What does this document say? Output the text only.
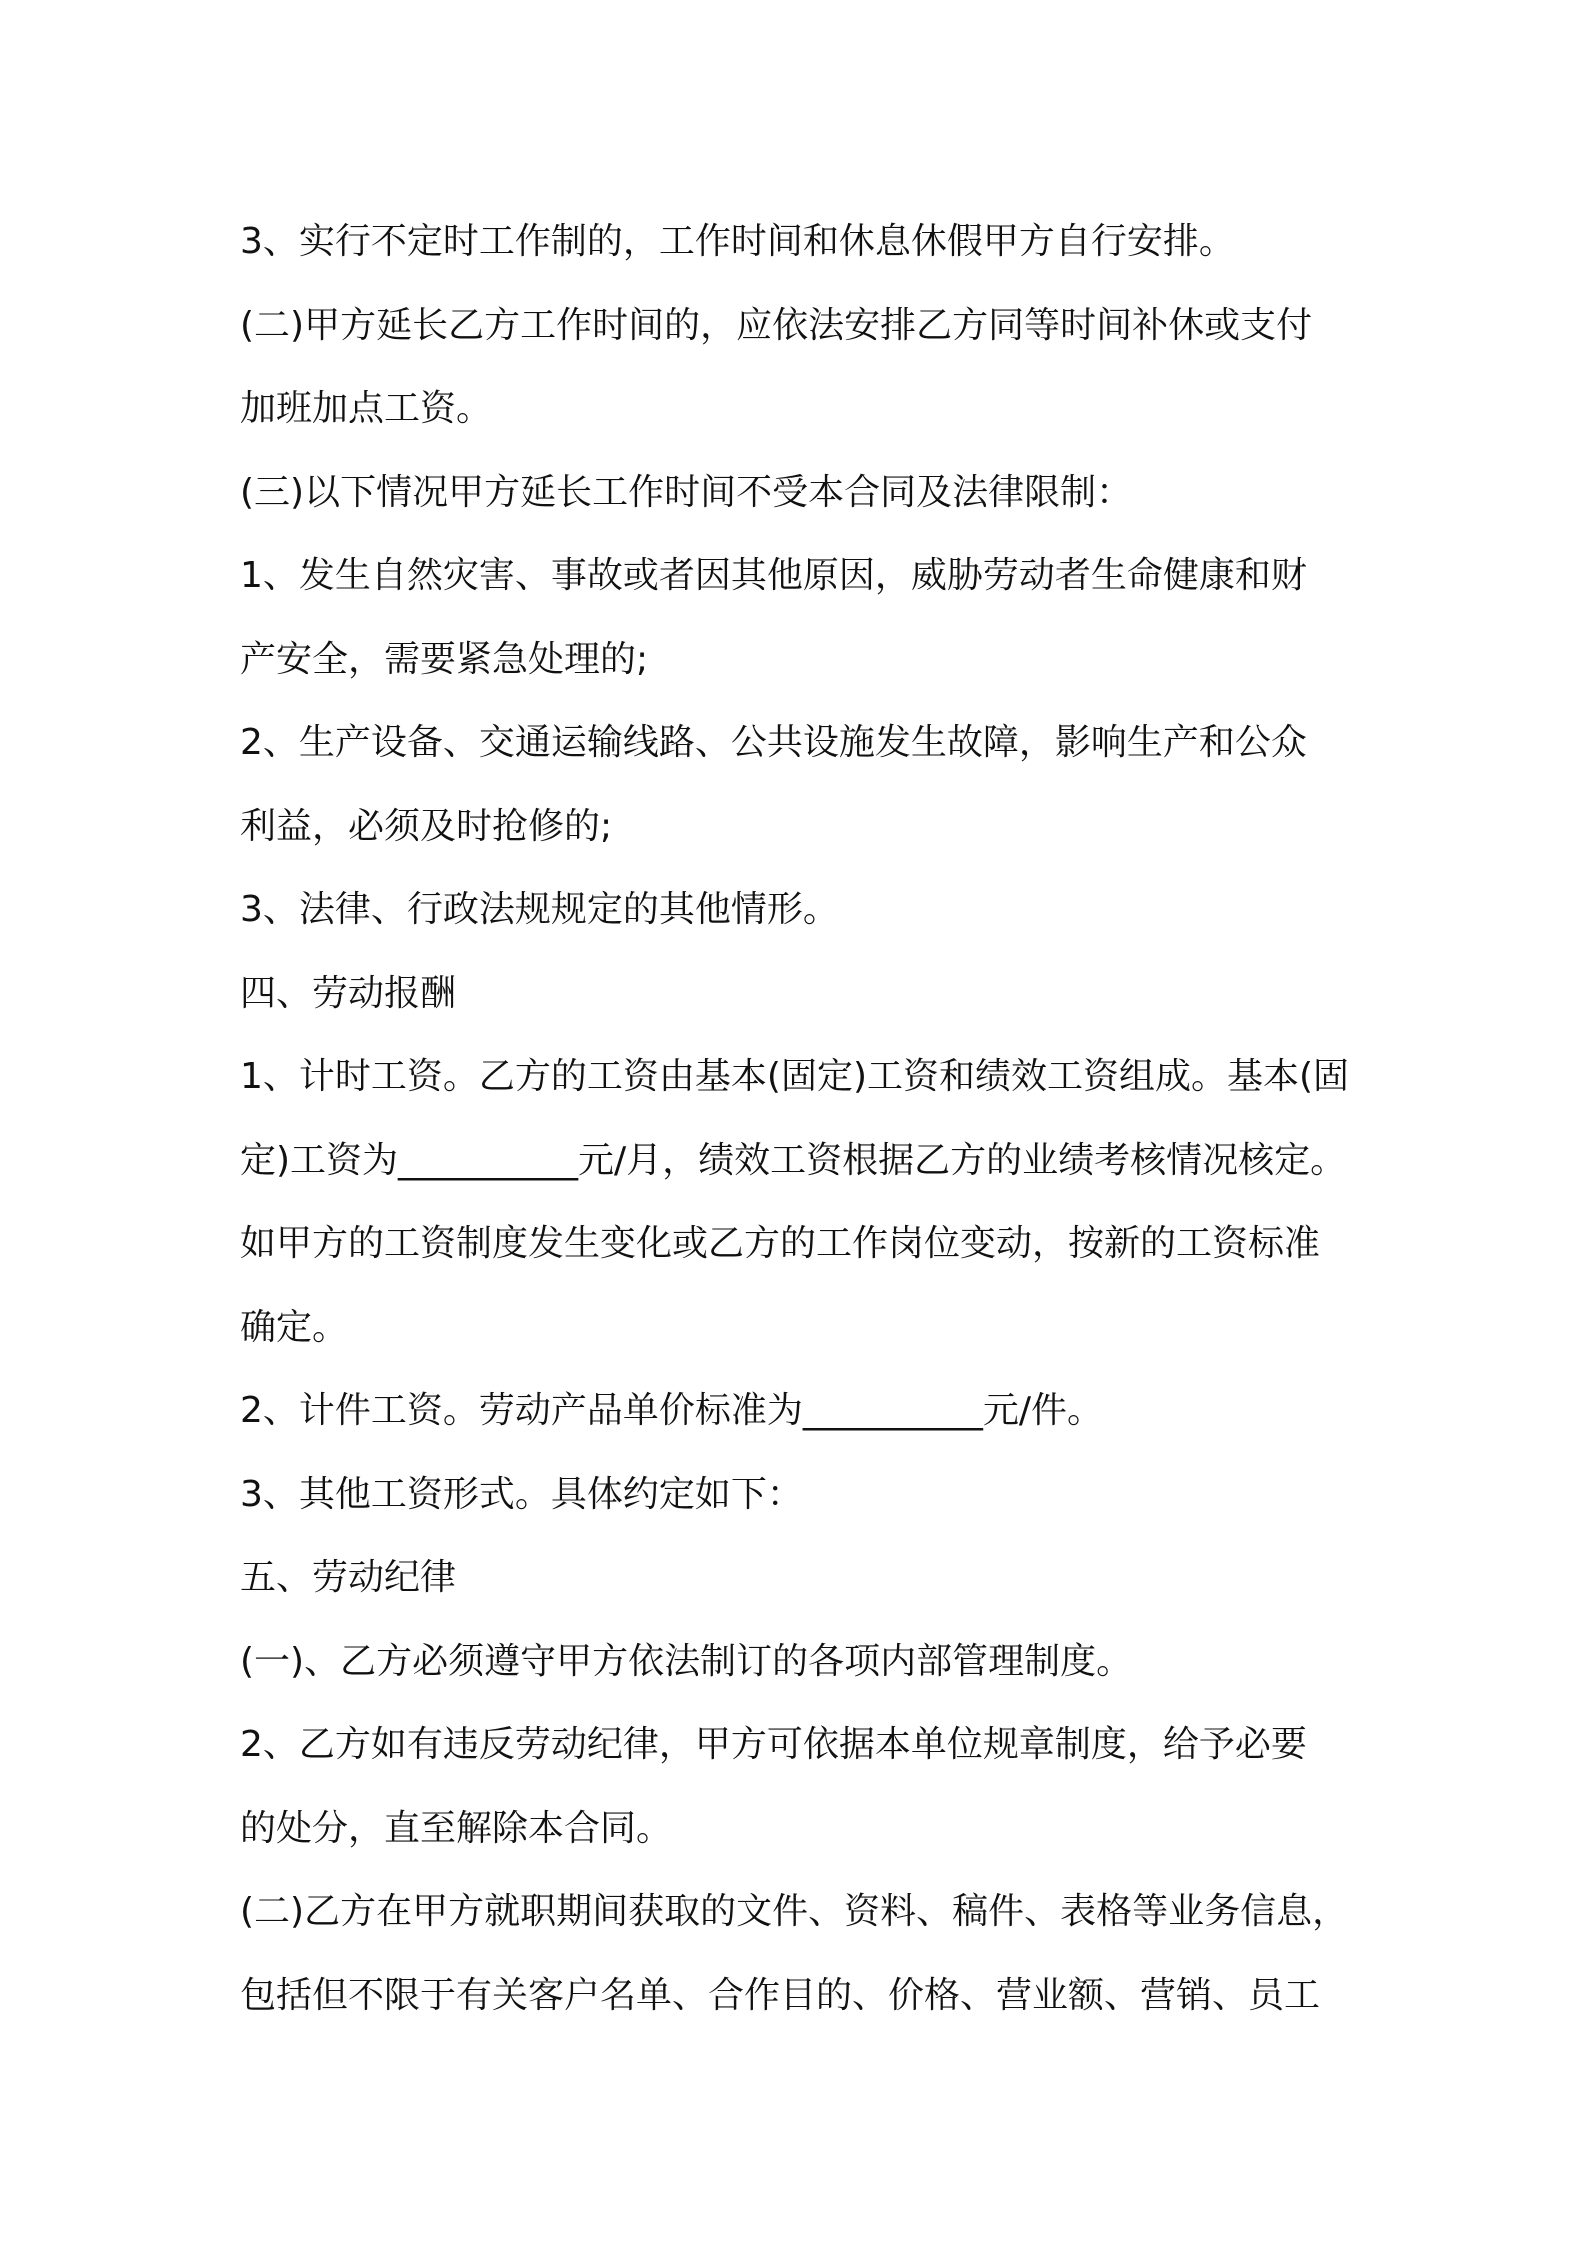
3、实行不定时工作制的，工作时间和休息休假甲方自行安排。

(二)甲方延长乙方工作时间的，应依法安排乙方同等时间补休或支付

加班加点工资。

(三)以下情况甲方延长工作时间不受本合同及法律限制：

1、发生自然灾害、事故或者因其他原因，威胁劳动者生命健康和财

产安全，需要紧急处理的;

2、生产设备、交通运输线路、公共设施发生故障，影响生产和公众

利益，必须及时抢修的;

3、法律、行政法规规定的其他情形。

四、劳动报酬

1、计时工资。乙方的工资由基本(固定)工资和绩效工资组成。基本(固

定)工资为__________元/月，绩效工资根据乙方的业绩考核情况核定。

如甲方的工资制度发生变化或乙方的工作岗位变动，按新的工资标准

确定。

2、计件工资。劳动产品单价标准为__________元/件。

3、其他工资形式。具体约定如下：

五、劳动纪律

(一)、乙方必须遵守甲方依法制订的各项内部管理制度。

2、乙方如有违反劳动纪律，甲方可依据本单位规章制度，给予必要

的处分，直至解除本合同。

(二)乙方在甲方就职期间获取的文件、资料、稿件、表格等业务信息，

包括但不限于有关客户名单、合作目的、价格、营业额、营销、员工
